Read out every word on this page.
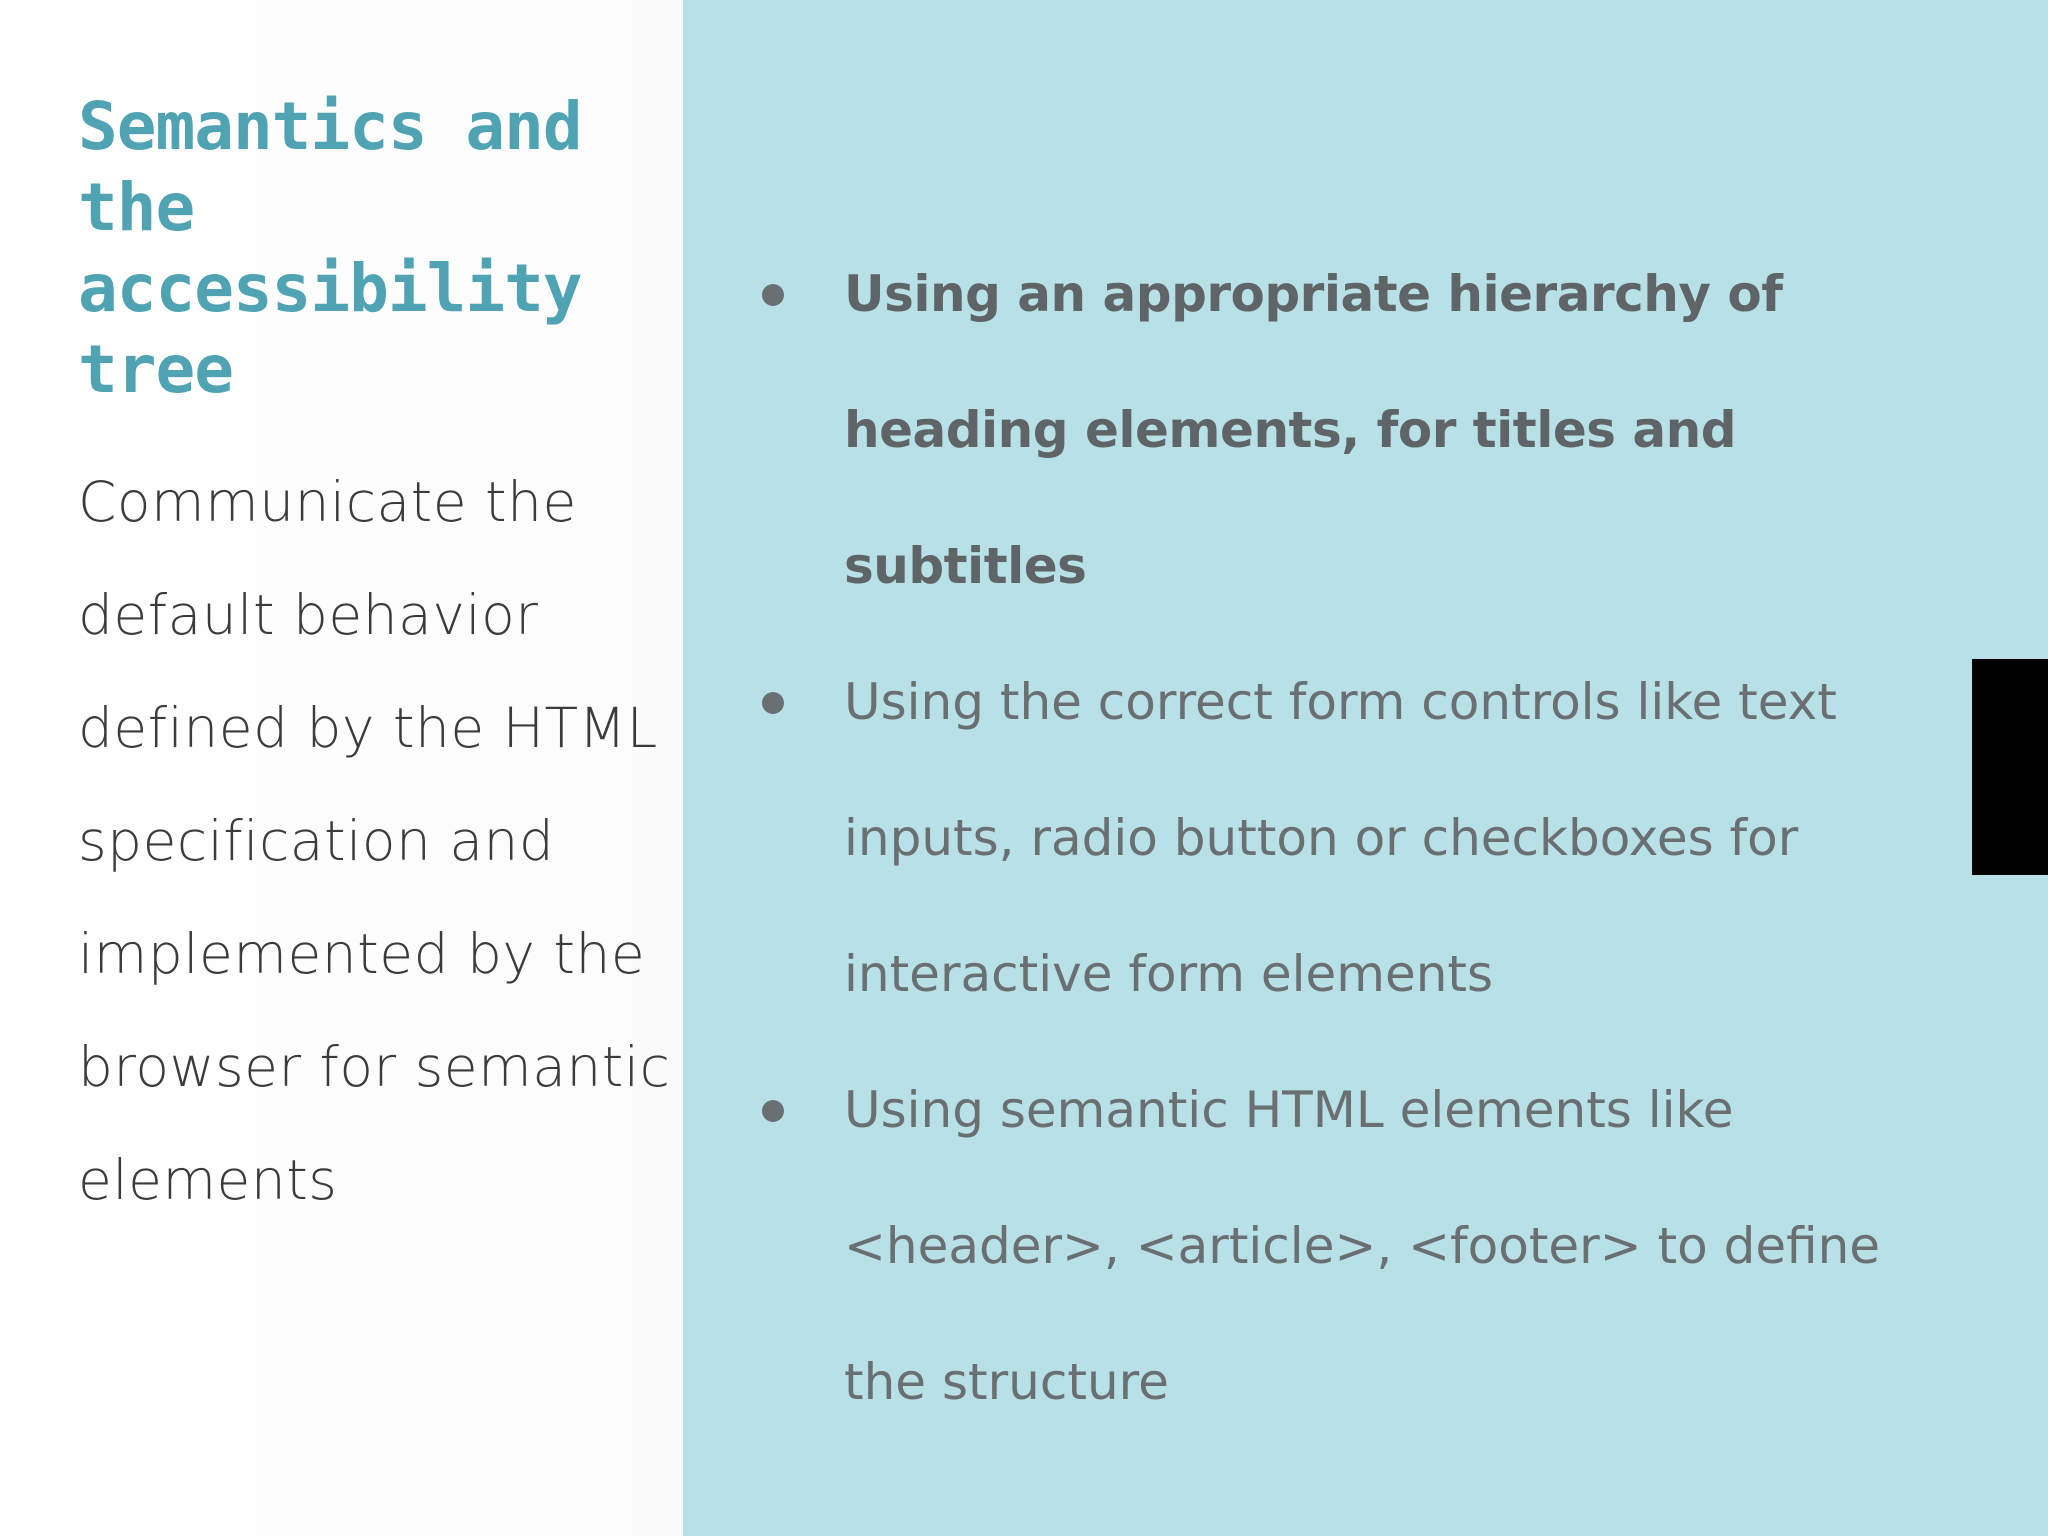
Semantics and the accessibility tree

Communicate the default behavior defined by the HTML specification and implemented by the browser for semantic elements

Using an appropriate hierarchy of heading elements, for titles and subtitles
Using the correct form controls like text inputs, radio button or checkboxes for interactive form elements
Using semantic HTML elements like <header>, <article>, <footer> to define the structure
